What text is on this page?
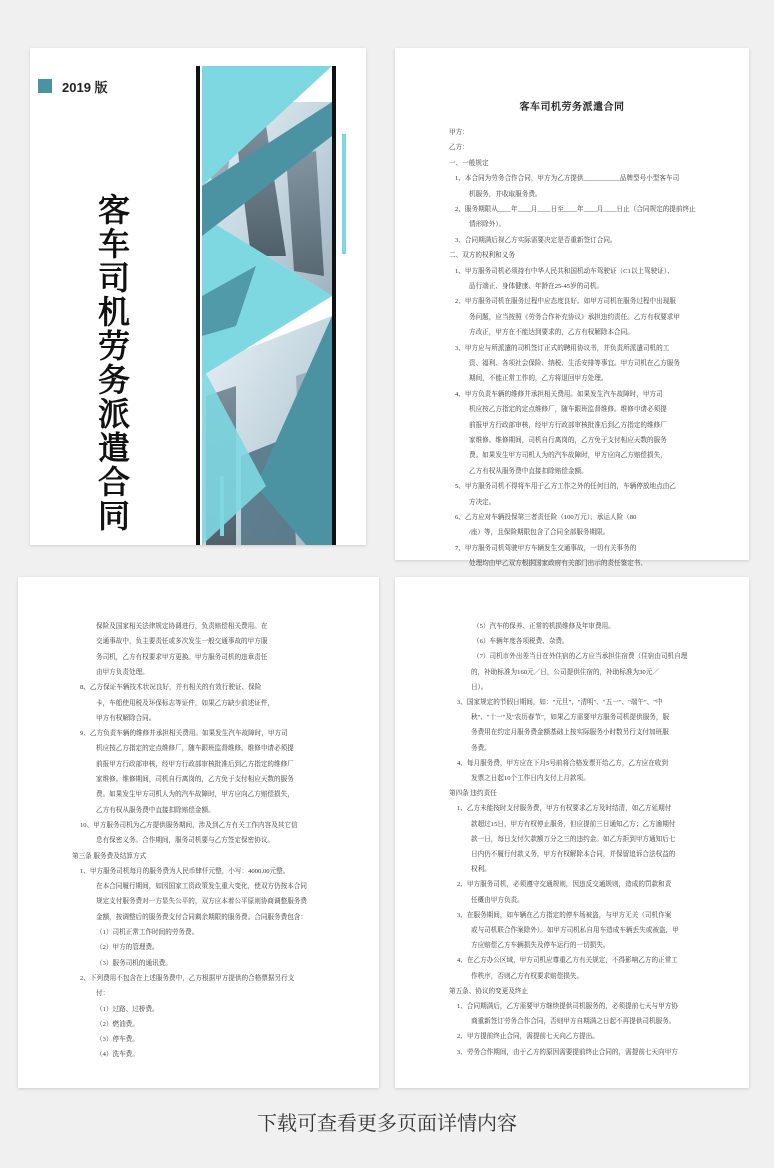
2019 版
客车司机劳务派遣合同
客车司机劳务派遣合同
甲方：
乙方：
一、一般规定
1、本合同为劳务合作合同，甲方为乙方提供___________品牌型号小型客车司
机服务，并收取服务费。
2、服务期限从____年____月____日至____年____月____日止（合同规定的提前终止
情形除外）。
3、合同期满后视乙方实际需要决定是否重新签订合同。
二、双方的权利和义务
1、甲方服务司机必须持有中华人民共和国机动车驾驶证（C1以上驾驶证）、
品行端正、身体健康、年龄在25-45岁的司机。
2、甲方服务司机在服务过程中应态度良好。如甲方司机在服务过程中出现服
务问题，应当按照《劳务合作补充协议》承担违约责任。乙方有权要求甲
方改正，甲方在不能达到要求的，乙方有权解除本合同。
3、甲方应与所派遣的司机签订正式的聘用协议书，并负责所派遣司机的工
资、福利、各项社会保险、纳税、生活安排等事宜。甲方司机在乙方服务
期间，不能正常工作的，乙方将退回甲方处理。
4、甲方负责车辆的维修并承担相关费用。如果发生汽车故障时，甲方司
机应按乙方指定的定点维修厂，随车跟班监督维修。维修申请必须提
前报甲方行政部审核，经甲方行政部审核批准后到乙方指定的维修厂
家维修。维修期间，司机自行离岗的，乙方免于支付相应天数的服务
费。如果发生甲方司机人为的汽车故障时，甲方应向乙方赔偿损失，
乙方有权从服务费中直接扣除赔偿金额。
5、甲方服务司机不得将车用于乙方工作之外的任何目的，车辆停放地点由乙
方决定。
6、乙方应对车辆投保第三者责任险（100万元）、承运人险（80
/座）等，且保险期限包含了合同全部服务期限。
7、甲方服务司机驾驶甲方车辆发生交通事故，一切有关事务的
处理均由甲乙双方根据国家政府有关部门出示的责任鉴定书、
保险及国家相关法律规定协调进行，负责赔偿相关费用。在
交通事故中，负主要责任或多次发生一般交通事故的甲方服
务司机，乙方有权要求甲方更换。甲方服务司机的违章责任
由甲方负责处理。
8、乙方保证车辆技术状况良好，并有相关的有效行驶证、保险
卡，车船使用税及环保标志等证件，如果乙方缺少前述证件，
甲方有权解除合同。
9、乙方负责车辆的维修并承担相关费用。如果发生汽车故障时，甲方司
机应按乙方指定的定点维修厂，随车跟班监督维修。维修申请必须提
前报甲方行政部审核，经甲方行政部审核批准后到乙方指定的维修厂
家维修。维修期间，司机自行离岗的，乙方免于支付相应天数的服务
费。如果发生甲方司机人为的汽车故障时，甲方应向乙方赔偿损失，
乙方有权从服务费中直接扣除赔偿金额。
10、甲方服务司机为乙方提供服务期间，涉及到乙方有关工作内容及其它信
息有保密义务。合作期间，服务司机要与乙方签定保密协议。
第三条 服务费及结算方式
1、甲方服务司机每月的服务费为人民币肆仟元整，小写：4000.00元整。
在本合同履行期间，如因国家工资政策发生重大变化，使双方仍按本合同
规定支付服务费对一方显失公平的，双方应本着公平原则协商调整服务费
金额，按调整后的服务费支付合同剩余期限的服务费。合同服务费包含：
（1）司机正常工作时间的劳务费。
（2）甲方的管理费。
（3）服务司机的通讯费。
2、下列费用不包含在上述服务费中，乙方根据甲方提供的合格票据另行支
付：
（1）过路、过桥费。
（2）燃油费。
（3）停车费。
（4）洗车费。
（5）汽车的保养、正常的机损维修及年审费用。
（6）车辆年度各项税费、杂费。
（7）司机市外出差当日在外住宿的乙方应当承担住宿费（住宿由司机自理
的，补助标准为160元／日，公司提供住宿的，补助标准为30元／
日）。
3、国家规定的节假日期间，如："元旦"、"清明"、"五一"、"端午"、"中
秋"、"十一"及"农历春节"，如果乙方需要甲方服务司机提供服务，服
务费用在约定月服务费金额基础上按实际服务小时数另行支付加班服
务费。
4、每月服务费，甲方应在下月5号前将合格发票开给乙方，乙方应在收到
发票之日起10个工作日内支付上月款项。
第四条 违约责任
1、乙方未能按时支付服务费，甲方有权要求乙方及时结清，如乙方延期付
款超过15日，甲方有权停止服务，但应提前三日通知乙方；乙方逾期付
款一日，每日支付欠款额万分之三的违约金。如乙方拒到甲方通知后七
日内仍不履行付款义务，甲方有权解除本合同，并保留追诉合法权益的
权利。
2、甲方服务司机，必须遵守交通规则，因违反交通规则，造成的罚款和责
任概由甲方负责。
3、在服务期间，如车辆在乙方指定的停车场被盗，与甲方无关（司机作案
或与司机联合作案除外）。如甲方司机私自用车造成车辆丢失或被盗，甲
方应赔偿乙方车辆损失及停车运行的一切损失。
4、在乙方办公区域，甲方司机应尊重乙方有关规定，不得影响乙方的正常工
作秩序，否则乙方有权要求赔偿损失。
第五条、协议的变更及终止
1、合同期满后，乙方需要甲方继续提供司机服务的，必须提前七天与甲方协
商重新签订劳务合作合同，否则甲方自期满之日起不再提供司机服务。
2、甲方提前终止合同，需提前七天向乙方提出。
3、劳务合作期间，由于乙方的原因需要提前终止合同的，需提前七天向甲方
下载可查看更多页面详情内容
